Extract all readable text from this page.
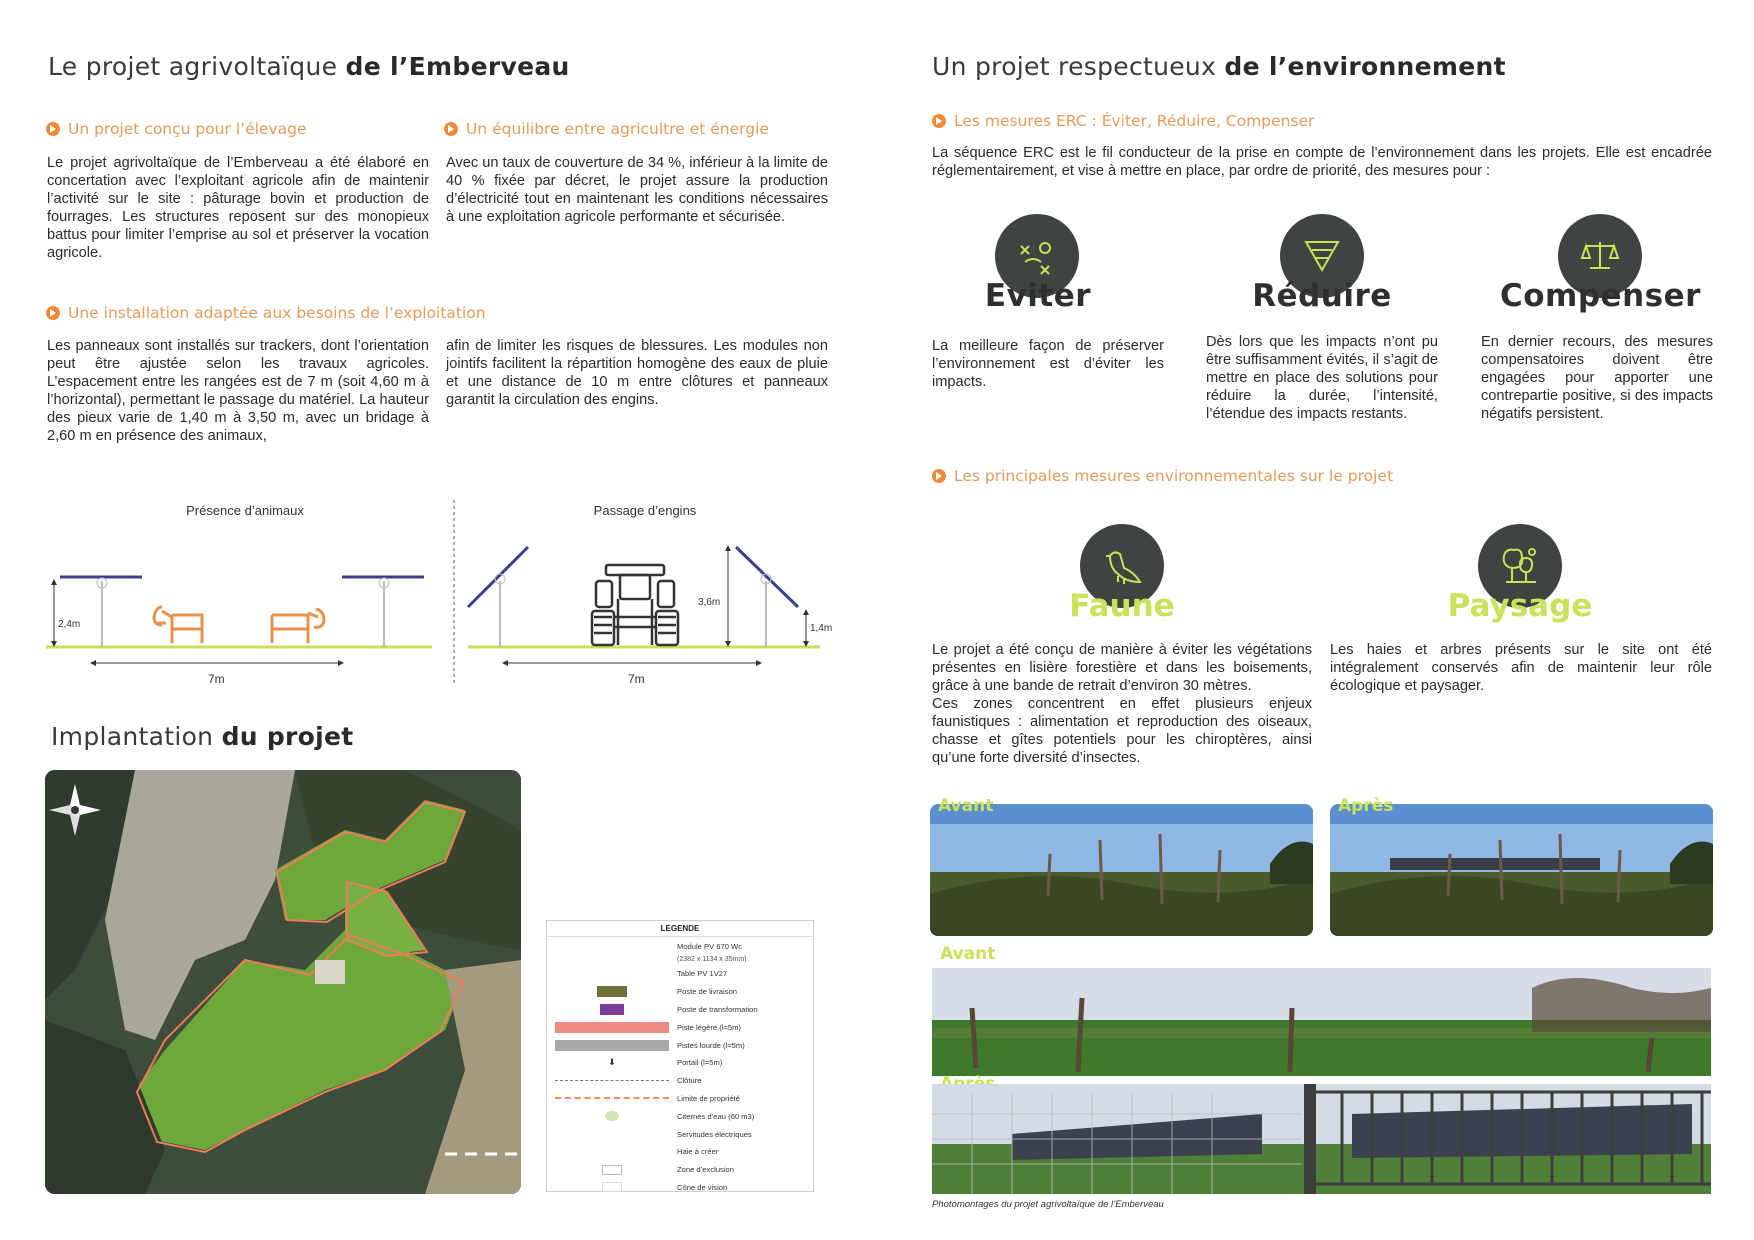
Le projet agrivoltaïque de l’Emberveau
Un projet conçu pour l’élevage
Le projet agrivoltaïque de l’Emberveau a été élaboré en concertation avec l’exploitant agricole afin de maintenir l’activité sur le site : pâturage bovin et production de fourrages. Les structures reposent sur des monopieux battus pour limiter l’emprise au sol et préserver la vocation agricole.
Un équilibre entre agricultre et énergie
Avec un taux de couverture de 34 %, inférieur à la limite de 40 % fixée par décret, le projet assure la production d’électricité tout en maintenant les conditions nécessaires à une exploitation agricole performante et sécurisée.
Une installation adaptée aux besoins de l’exploitation
Les panneaux sont installés sur trackers, dont l’orientation peut être ajustée selon les travaux agricoles. L’espacement entre les rangées est de 7 m (soit 4,60 m à l’horizontal), permettant le passage du matériel. La hauteur des pieux varie de 1,40 m à 3,50 m, avec un bridage à 2,60 m en présence des animaux,
afin de limiter les risques de blessures. Les modules non jointifs facilitent la répartition homogène des eaux de pluie et une distance de 10 m entre clôtures et panneaux garantit la circulation des engins.
Présence d’animaux	Passage d’engins
2,4m
7m
3,6m
1,4m
7m
Implantation du projet
LEGENDE
Module PV 670 Wc
(2382 x 1134 x 35mm)
Table PV 1V27
Poste de livraison
Poste de transformation
Piste légère (l=5m)
Pistes lourde (l=5m)
⬇	Portail (l=5m)
Clôture
Limite de propriété
Citernes d’eau (60 m3)
Servitudes électriques
Haie à créer
Zone d’exclusion
Cône de vision
Un projet respectueux de l’environnement
Les mesures ERC : Éviter, Réduire, Compenser
La séquence ERC est le fil conducteur de la prise en compte de l’environnement dans les projets. Elle est encadrée réglementairement, et vise à mettre en place, par ordre de priorité, des mesures pour :
Eviter
La meilleure façon de préserver l’environnement est d’éviter les impacts.
Réduire
Dès lors que les impacts n’ont pu être suffisamment évités, il s’agit de mettre en place des solutions pour réduire la durée, l’intensité, l’étendue des impacts restants.
Compenser
En dernier recours, des mesures compensatoires doivent être engagées pour apporter une contrepartie positive, si des impacts négatifs persistent.
Les principales mesures environnementales sur le projet
Faune
Le projet a été conçu de manière à éviter les végétations présentes en lisière forestière et dans les boisements, grâce à une bande de retrait d’environ 30 mètres.
Ces zones concentrent en effet plusieurs enjeux faunistiques : alimentation et reproduction des oiseaux, chasse et gîtes potentiels pour les chiroptères, ainsi qu’une forte diversité d’insectes.
Paysage
Les haies et arbres présents sur le site ont été intégralement conservés afin de maintenir leur rôle écologique et paysager.
Avant	Après
Avant
Photomontages du projet agrivoltaïque de l’Emberveau
